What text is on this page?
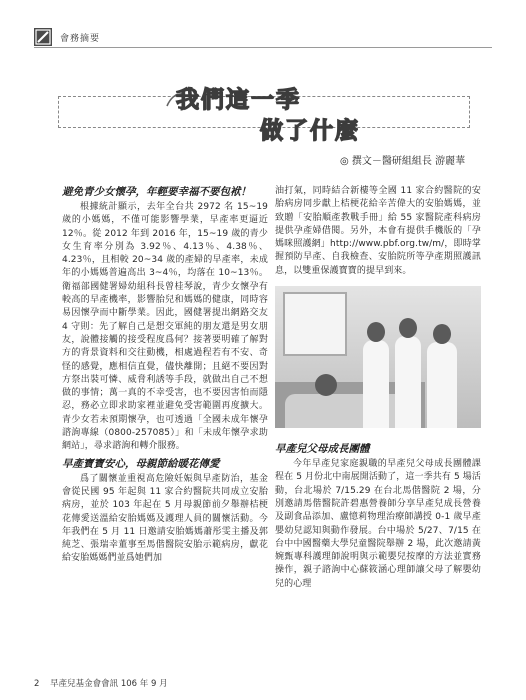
會務摘要
我們這一季
做了什麼
◎ 撰文－醫研組組長 游麗華
避免青少女懷孕，年輕要幸福不要包袱！

根據統計顯示，去年全台共 2972 名 15~19 歲的小媽媽，不僅可能影響學業，早產率更逼近 12％。從 2012 年到 2016 年，15~19 歲的青少女生育率分別為 3.92％、4.13％、4.38％、4.23％，且相較 20~34 歲的產婦的早產率，未成年的小媽媽普遍高出 3~4％，均落在 10~13％。衛福部國健署婦幼組科長曾桂琴說，青少女懷孕有較高的早產機率，影響胎兒和媽媽的健康，同時容易因懷孕而中斷學業。因此，國健署提出網路交友 4 守則：先了解自己是想交軍純的朋友還是男女朋友，說體接觸的接受程度爲何？接著要明確了解對方的背景資料和交往動機，相處過程若有不安、奇怪的感覺，應相信直覺，儘快離開；且絕不要因對方祭出裝可憐、威脅利誘等手段，就做出自己不想做的事情；萬一真的不幸受害，也不要因害怕而隱忍，務必立即求助家裡並避免受害範圍再度擴大。青少女若未預期懷孕，也可透過「全國未成年懷孕諮詢專線（0800-257085）」和「未成年懷孕求助網站」，尋求諮詢和轉介服務。

早產寶寶安心，母親節給暖花傳愛

爲了關懷並重視高危險妊娠與早產防治，基金會從民國 95 年起與 11 家合約醫院共同成立安胎病房，並於 103 年起在 5 月母親節前夕舉辦桔梗花傳愛送溫給安胎媽媽及護理人員的關懷活動。今年我們在 5 月 11 日邀請安胎媽媽蕭彤雯主播及郭純芝、張瑞幸董事至馬偕醫院安胎示範病房，獻花給安胎媽媽們並爲她們加

油打氣，同時結合新樓等全國 11 家合約醫院的安胎病房同步獻上桔梗花給辛苦偉大的安胎媽媽，並致贈「安胎順產教戰手冊」給 55 家醫院產科病房提供孕產婦借閱。另外，本會有提供手機版的「孕媽咪照護網」http://www.pbf.org.tw/m/，即時掌握預防早產、自我檢查、安胎院所等孕產期照護訊息，以雙重保護寶寶的提早到來。

早產兒父母成長團體

今年早產兒家庭親職的早產兒父母成長團體課程在 5 月份北中南展開活動了，這一季共有 5 場活動，台北場於 7/15.29 在台北馬偕醫院 2 場，分別邀請馬偕醫院許碧惠營養師分享早產兒成長營養及副食品添加、盧憶莉物理治療師講授 0-1 歲早產嬰幼兒認知與動作發展。台中場於 5/27、7/15 在台中中國醫藥大學兒童醫院舉辦 2 場，此次邀請黃婉甄專科護理師說明與示範嬰兒按摩的方法並實務操作，親子諮詢中心蘇筱涵心理師讓父母了解嬰幼兒的心理

2 早產兒基金會會訊 106 年 9 月
